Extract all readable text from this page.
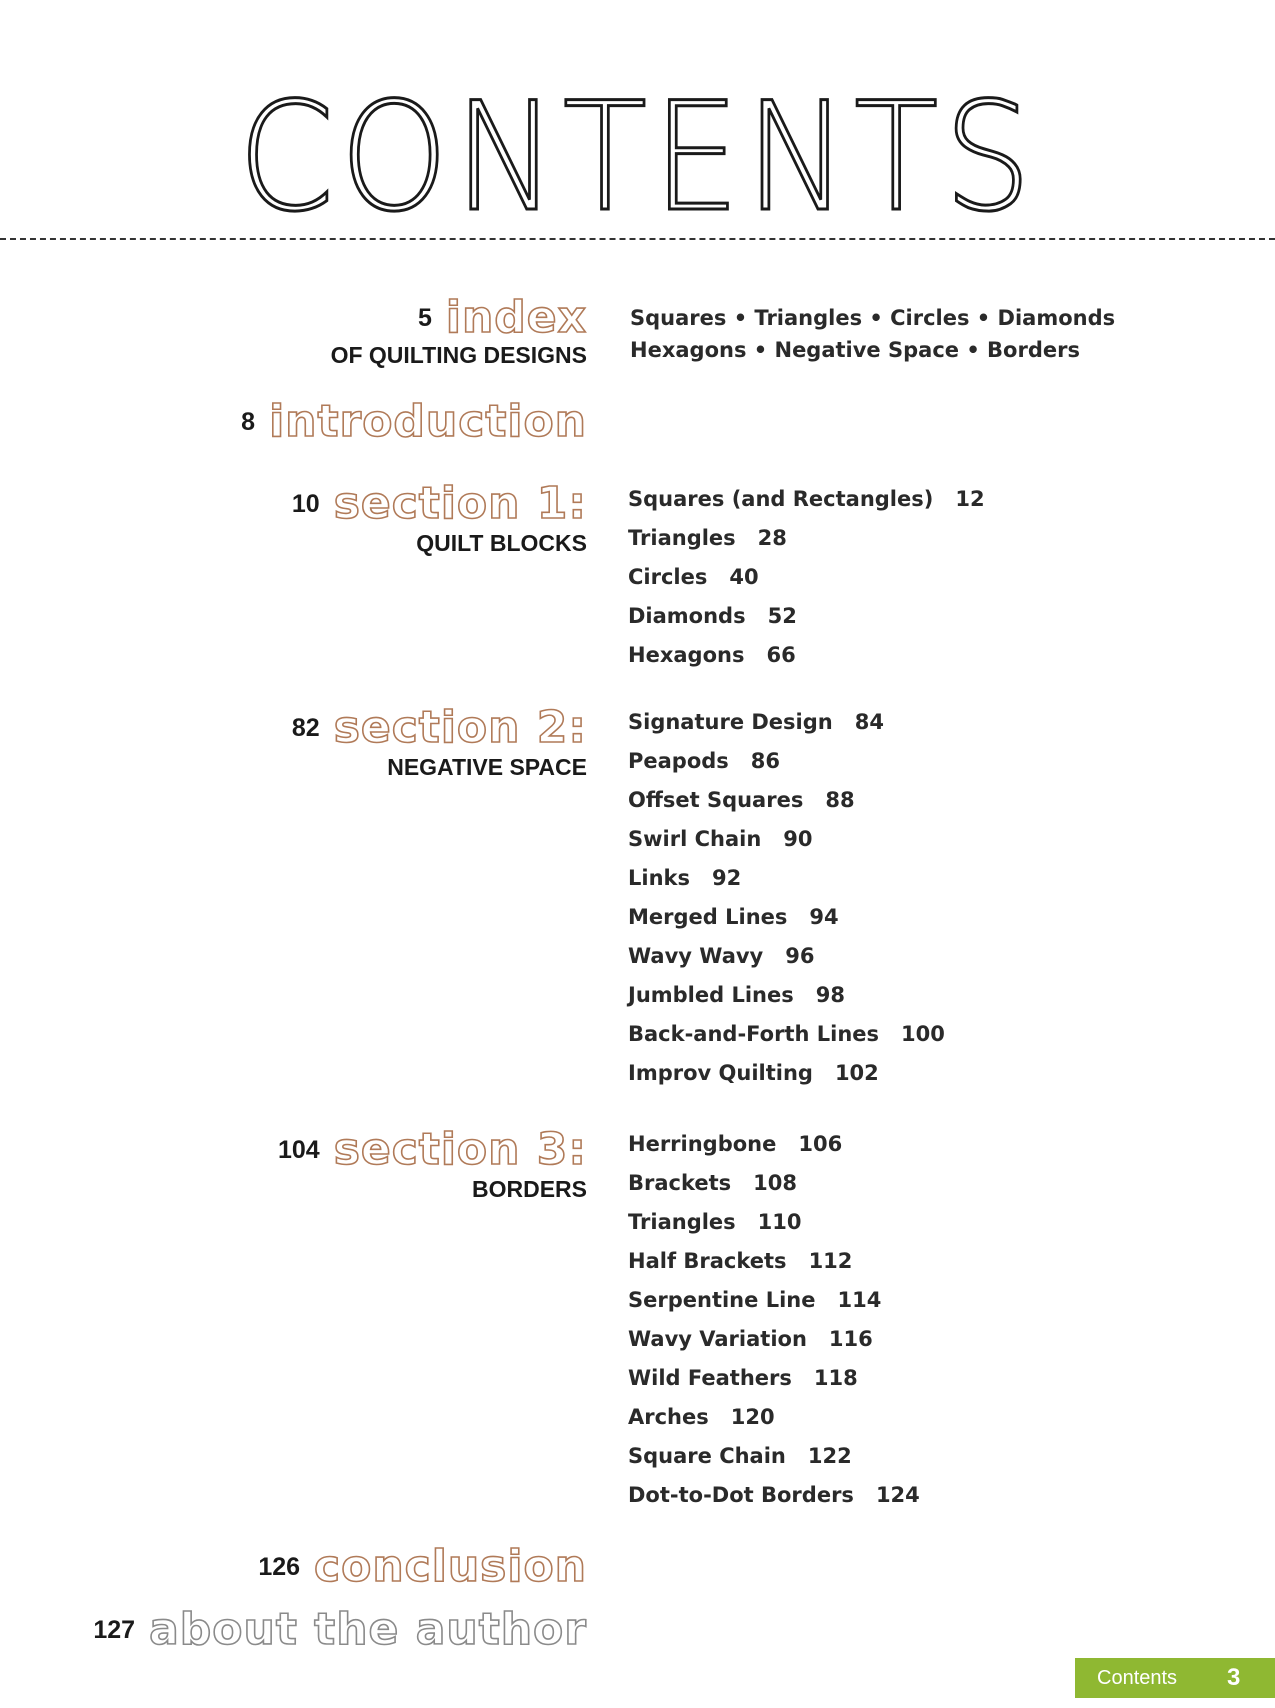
CONTENTS
5 index
OF QUILTING DESIGNS
Squares • Triangles • Circles • Diamonds
Hexagons • Negative Space • Borders
8 introduction
10 section 1:
QUILT BLOCKS
Squares (and Rectangles) 12
Triangles 28
Circles 40
Diamonds 52
Hexagons 66
82 section 2:
NEGATIVE SPACE
Signature Design 84
Peapods 86
Offset Squares 88
Swirl Chain 90
Links 92
Merged Lines 94
Wavy Wavy 96
Jumbled Lines 98
Back-and-Forth Lines 100
Improv Quilting 102
104 section 3:
BORDERS
Herringbone 106
Brackets 108
Triangles 110
Half Brackets 112
Serpentine Line 114
Wavy Variation 116
Wild Feathers 118
Arches 120
Square Chain 122
Dot-to-Dot Borders 124
126 conclusion
127 about the author
Contents	3
